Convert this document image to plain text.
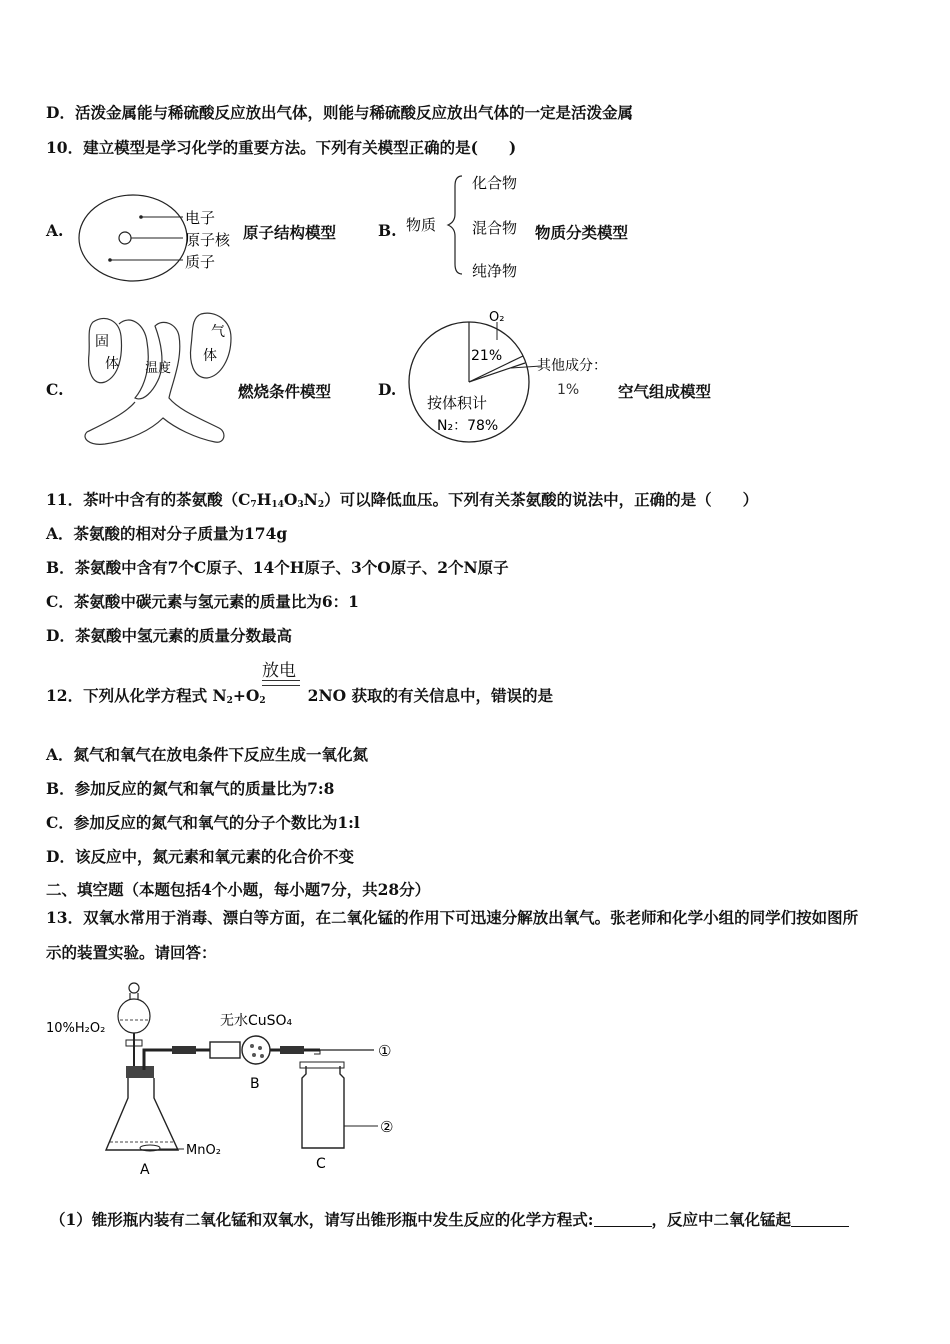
D．活泼金属能与稀硫酸反应放出气体，则能与稀硫酸反应放出气体的一定是活泼金属
10．建立模型是学习化学的重要方法。下列有关模型正确的是(　　)
A.
电子
原子核
质子
原子结构模型	B. 物质
化合物
混合物
纯净物
物质分类模型
C.
固
体 温度
气
体
燃烧条件模型	D.
O₂
21%
其他成分：
1%
按体积计
N₂：78%
空气组成模型
11．茶叶中含有的茶氨酸$(C_7H_{14}O_3N_2)$可以降低血压。下列有关茶氨酸的说法中，正确的是（　　）
A．茶氨酸的相对分子质量为174g
B．茶氨酸中含有7个C原子、14个H原子、3个O原子、2个N原子
C．茶氨酸中碳元素与氢元素的质量比为6：1
D．茶氨酸中氢元素的质量分数最高
12．下列从化学方程式 $N_2+O_2$	2NO 获取的有关信息中，错误的是
放电
A．氮气和氧气在放电条件下反应生成一氧化氮
B．参加反应的氮气和氧气的质量比为7:8
C．参加反应的氮气和氧气的分子个数比为1:l
D．该反应中，氮元素和氧元素的化合价不变
二、填空题（本题包括4个小题，每小题7分，共28分）
13．双氧水常用于消毒、漂白等方面，在二氧化锰的作用下可迅速分解放出氧气。张老师和化学小组的同学们按如图所
示的装置实验。请回答：
10%H₂O₂	无水CuSO₄
MnO₂
A
B
C
①
②
（1）锥形瓶内装有二氧化锰和双氧水，请写出锥形瓶中发生反应的化学方程式:	，反应中二氧化锰起
